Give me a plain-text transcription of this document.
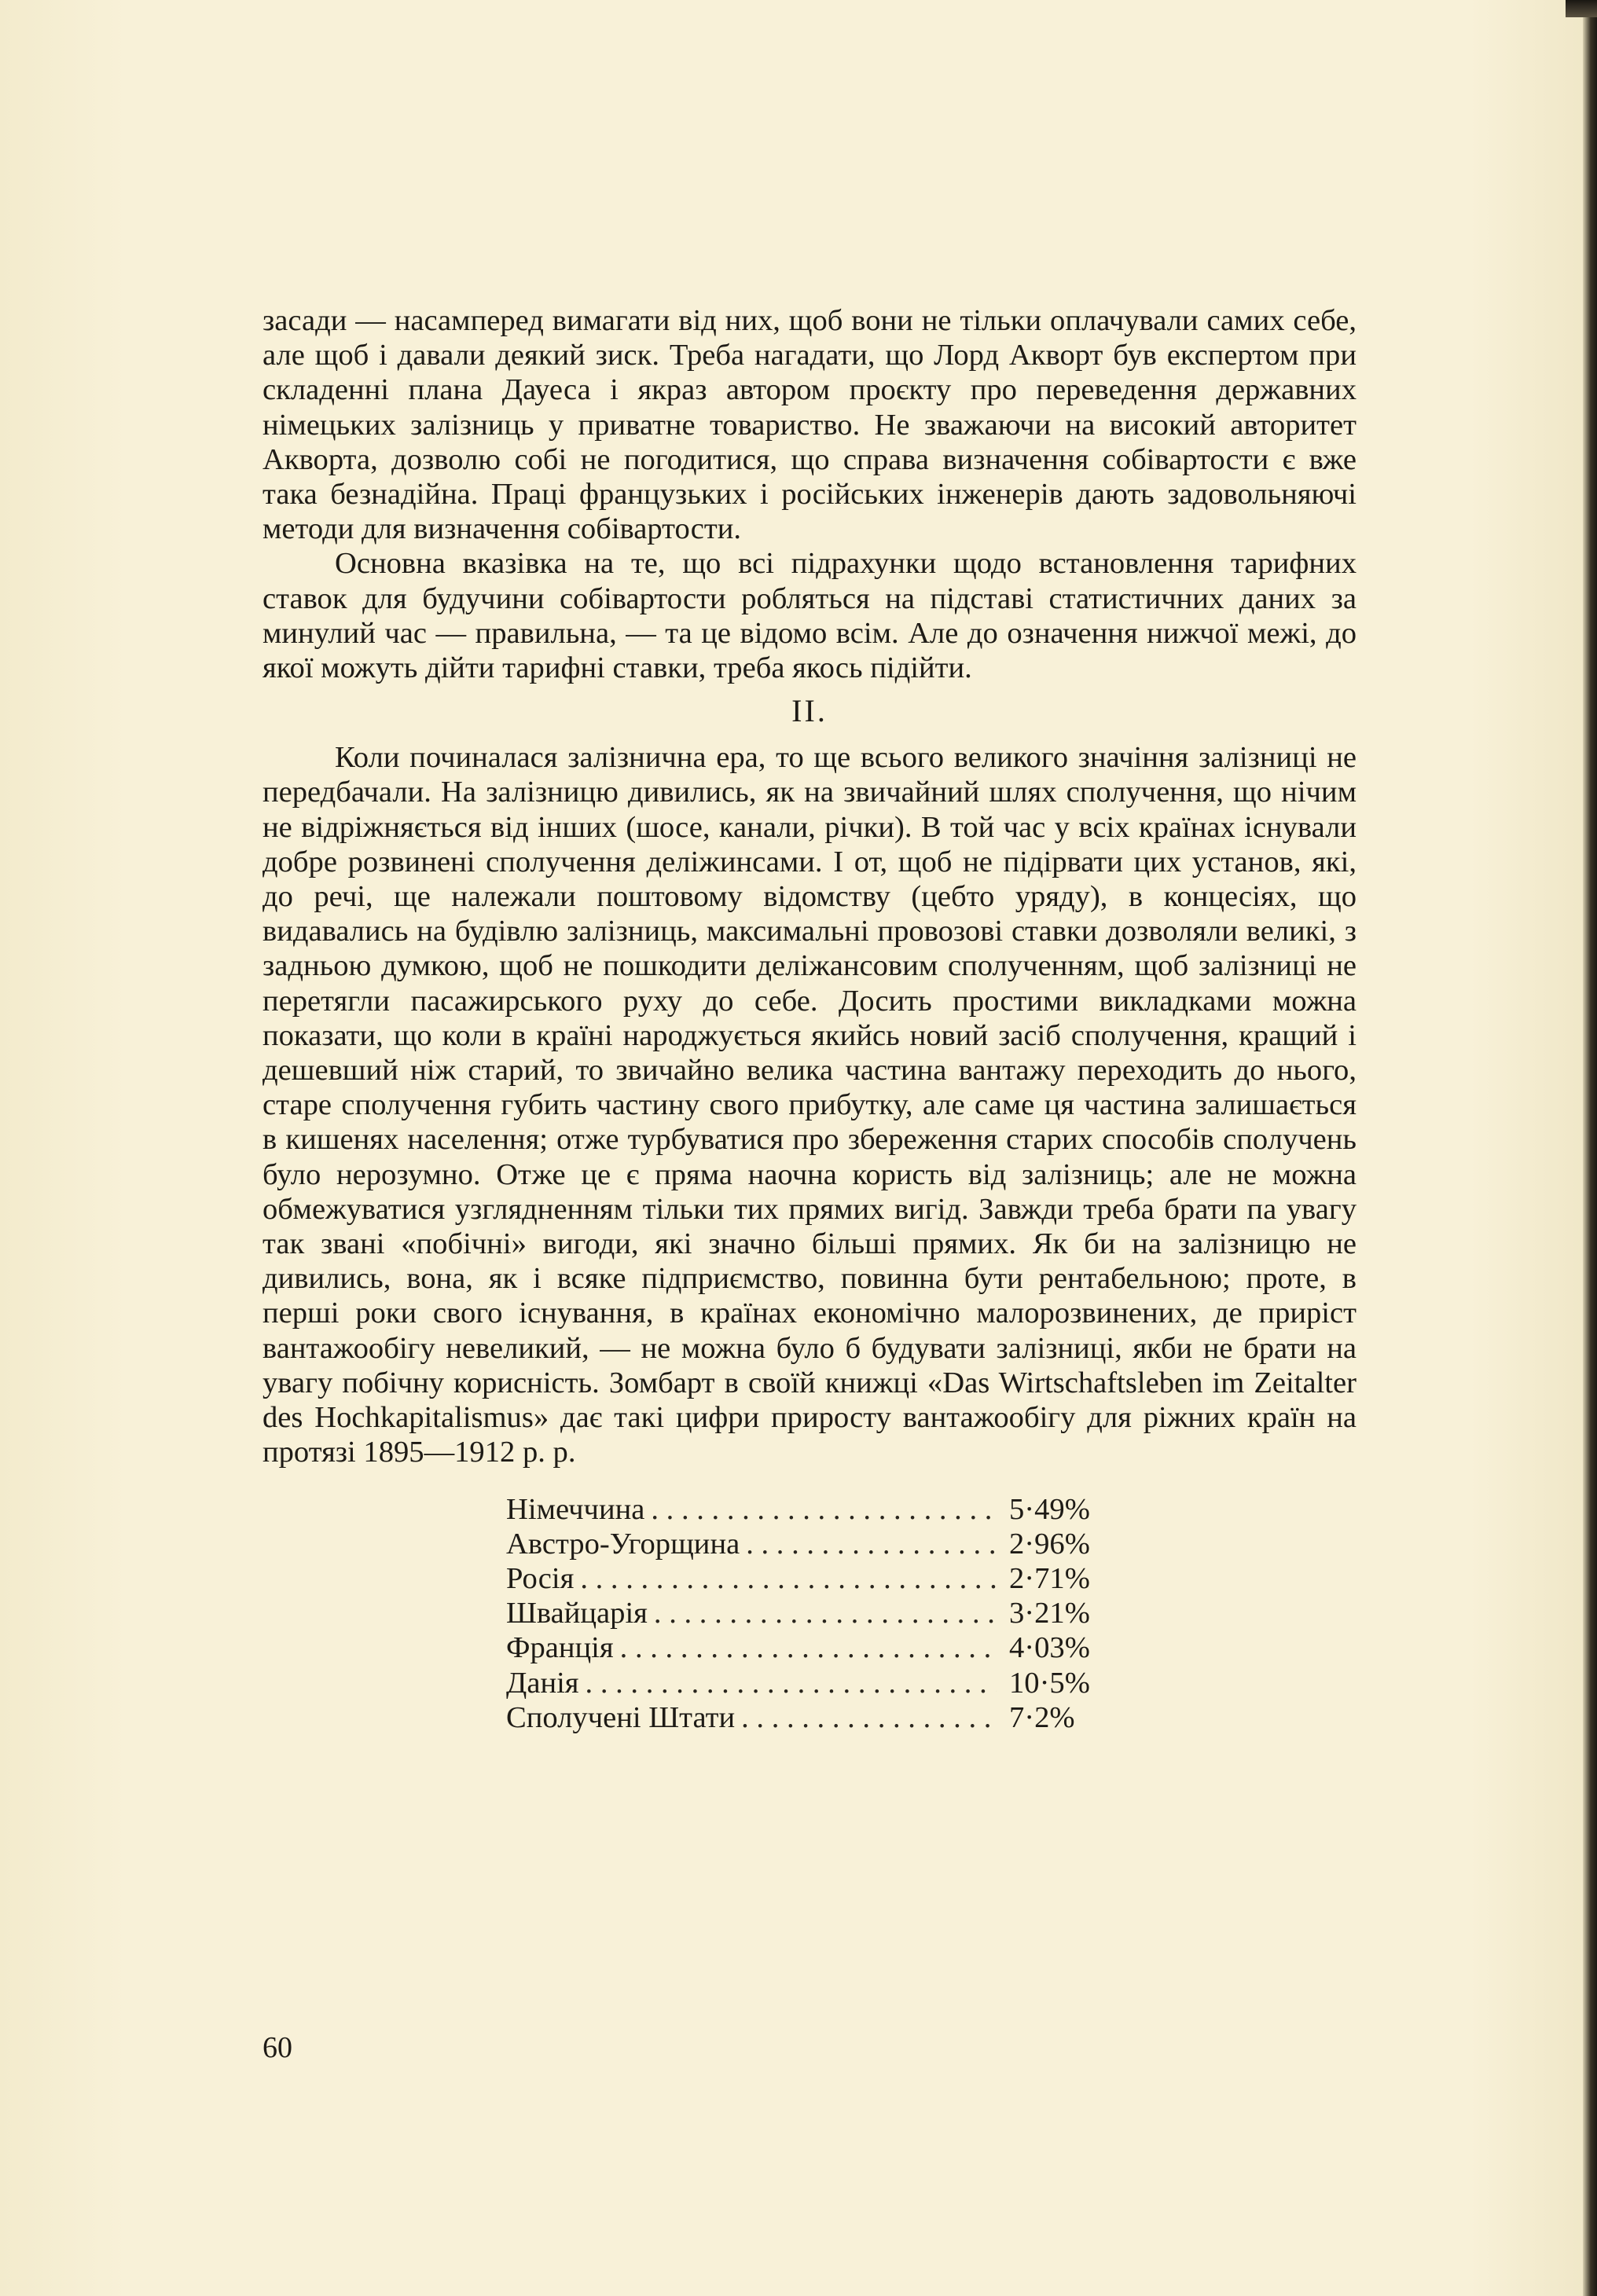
засади — насамперед вимагати від них, щоб вони не тільки оплачували самих себе, але щоб і давали деякий зиск. Треба нагадати, що Лорд Акворт був експертом при складенні плана Дауеса і якраз автором проєкту про переведення державних німецьких залізниць у приватне товариство. Не зважаючи на високий авторитет Акворта, дозволю собі не погодитися, що справа визначення собівартости є вже така безнадійна. Праці французьких і російських інженерів дають задовольняючі методи для визначення собівартости.

Основна вказівка на те, що всі підрахунки щодо встановлення тарифних ставок для будучини собівартости робляться на підставі статистичних даних за минулий час — правильна, — та це відомо всім. Але до означення нижчої межі, до якої можуть дійти тарифні ставки, треба якось підійти.

II.

Коли починалася залізнична ера, то ще всього великого значіння залізниці не передбачали. На залізницю дивились, як на звичайний шлях сполучення, що нічим не відріжняється від інших (шосе, канали, річки). В той час у всіх країнах існували добре розвинені сполучення деліжинсами. І от, щоб не підірвати цих установ, які, до речі, ще належали поштовому відомству (цебто уряду), в концесіях, що видавались на будівлю залізниць, максимальні провозові ставки дозволяли великі, з задньою думкою, щоб не пошкодити деліжансовим сполученням, щоб залізниці не перетягли пасажирського руху до себе. Досить простими викладками можна показати, що коли в країні народжується якийсь новий засіб сполучення, кращий і дешевший ніж старий, то звичайно велика частина вантажу переходить до нього, старе сполучення губить частину свого прибутку, але саме ця частина залишається в кишенях населення; отже турбуватися про збереження старих способів сполучень було нерозумно. Отже це є пряма наочна користь від залізниць; але не можна обмежуватися узглядненням тільки тих прямих вигід. Завжди треба брати па увагу так звані «побічні» вигоди, які значно більші прямих. Як би на залізницю не дивились, вона, як і всяке підприємство, повинна бути рентабельною; проте, в перші роки свого існування, в країнах економічно малорозвинених, де приріст вантажообігу невеликий, — не можна було б будувати залізниці, якби не брати на увагу побічну корисність. Зомбарт в своїй книжці «Das Wirtschaftsleben im Zeitalter des Hochkapitalismus» дає такі цифри приросту вантажообігу для ріжних країн на протязі 1895—1912 р. р.

Німеччина . . .	5·49%
Австро-Угорщина . . .	2·96%
Росія . . .	2·71%
Швайцарія . . .	3·21%
Франція . . .	4·03%
Данія . . .	10·5%
Сполучені Штати . . .	7·2%
60
